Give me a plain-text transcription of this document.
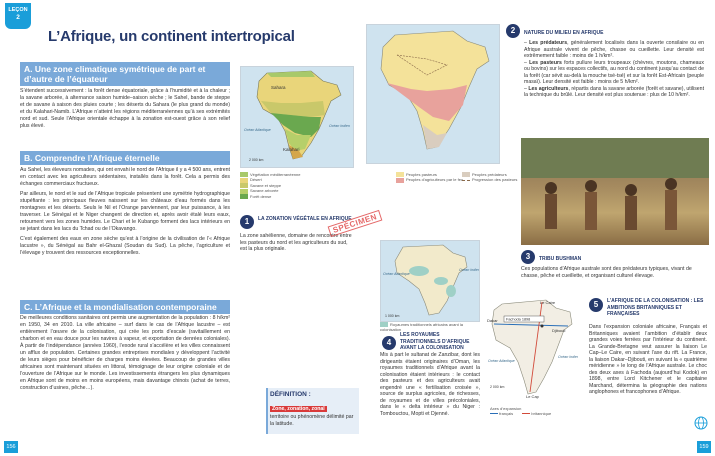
LEÇON
2
L’Afrique, un continent intertropical
A. Une zone climatique symétrique de part et d’autre de l’équateur

S’étendent successivement : la forêt dense équatoriale, grâce à l’humidité et à la chaleur ; la savane arborée, à alternance saison humide–saison sèche ; le Sahel, bande de steppe et de savane à saison des pluies courte ; les déserts du Sahara (le plus grand du monde) et du Kalahari-Namib. L’Afrique n’atteint les régions méditerranéennes qu’à ses extrémités nord et sud. Seule l’Afrique orientale échappe à la zonation est-ouest grâce à son relief plus élevé.

B. Comprendre l’Afrique éternelle

Au Sahel, les éleveurs nomades, qui ont envahi le nord de l’Afrique il y a 4 500 ans, entrent en contact avec les agriculteurs sédentaires, installés dans la forêt. Cela a permis des échanges commerciaux fructueux.

Par ailleurs, le nord et le sud de l’Afrique tropicale présentent une symétrie hydrographique stupéfiante : les principaux fleuves naissent sur les châteaux d’eau formés dans les montagnes et les déserts. Seuls le Nil et l’Orange parviennent, par leur puissance, à les traverser. Le Sénégal et le Niger changent de direction et, après avoir étalé leurs eaux, retournent vers les zones humides. Le Chari et le Kubango forment des lacs intérieurs en se jetant dans les lacs du Tchad ou de l’Okavango.

C’est également des eaux en zone sèche qu’est à l’origine de la civilisation de l’« Afrique lacustre », du Sénégal au Bahr el-Ghazal (Soudan du Sud). La pêche, l’agriculture et l’élevage y trouvent des ressources exceptionnelles.

C. L’Afrique et la mondialisation contemporaine

De meilleures conditions sanitaires ont permis une augmentation de la population : 8 h/km² en 1950, 34 en 2010. La ville africaine – surf dans le cas de l’Afrique lacustre – est entièrement l’œuvre de la colonisation, qui crée les ports d’escale (ravitaillement en charbon et en eau douce pour les navires à vapeur, et exportation de denrées coloniales). À partir de l’indépendance (années 1960), l’exode rural s’accélère et les villes connaissent un afflux de population. Certaines grandes entreprises mondiales y développent l’activité de leurs sièges pour bénéficier de charges moins élevées. Beaucoup de grandes villes africaines sont maintenant situées en littoral, témoignage de leur origine coloniale et de l’ouverture de l’Afrique sur le monde. Les investissements étrangers les plus dynamiques en Afrique sont de moins en moins européens, mais davantage chinois (achat de terres, construction d’usines, pêche…).

DÉFINITION :
Zone, zonation, zonal
territoire ou phénomène délimité par la latitude.
Sahara
Kalahari
Océan Atlantique
Océan Indien
2 000 km
Végétation méditerranéenne
Désert
Savane et steppe
Savane arborée
Forêt dense
1	LA ZONATION VÉGÉTALE EN AFRIQUE
La zone sahélienne, domaine de rencontre entre les pasteurs du nord et les agriculteurs du sud, est la plus originale.
SPÉCIMEN
Océan Atlantique
Océan Indien
1 000 km
Royaumes traditionnels africains avant la colonisation
4
LES ROYAUMES TRADITIONNELS D’AFRIQUE AVANT LA COLONISATION
Mis à part le sultanat de Zanzibar, dont les dirigeants étaient originaires d’Oman, les royaumes traditionnels d’Afrique avant la colonisation étaient intérieurs : le contact des pasteurs et des agriculteurs avait engendré une « fertilisation croisée », source de surplus agricoles, de richesses, de royaumes et de villes précoloniales, dans le « delta intérieur » du Niger : Tombouctou, Mopti et Djenné.
Peuples pasteurs
Peuples d’agriculteurs par le feu
Peuples prédateurs
Progression des pasteurs
2	NATURE DU MILIEU EN AFRIQUE
– Les prédateurs, généralement localisés dans la ouverte consilaire ou en Afrique australe vivent de pêche, chasse ou cueillette. Leur densité est extrêmement faible : moins de 1 h/km².
– Les pasteurs forts pullure leurs troupeaux (chèvres, moutons, chameaux ou bovins) sur les espaces collectifs, au nord du continent jusqu’au contact de la forêt (car sévit au-delà la mouche tsé-tsé) et sur la forêt Est-Africain (peuple masaï). Leur densité est faible : moins de 5 h/km².
– Les agriculteurs, répartis dans la savane arborée (forêt et savane), utilisent la technique du brûlé. Leur densité est plus soutenue : plus de 10 h/km².
3	TRIBU BUSHMAN
Ces populations d’Afrique australe sont des prédateurs typiques, vivant de chasse, pêche et cueillette, et organisant culturel élevage.
Dakar
Le Caire
Djibouti
Fachoda 1898
Le Cap
Océan Indien
Océan Atlantique
2 000 km
Axes d’expansion
français	britannique
5	L’AFRIQUE DE LA COLONISATION : LES AMBITIONS BRITANNIQUES ET FRANÇAISES
Dans l’expansion coloniale africaine, Français et Britanniques avaient l’ambition d’établir deux grandes voies ferrées par l’intérieur du continent. La Grande-Bretagne veut assurer la liaison Le Cap–Le Caire, en suivant l’axe du rift. La France, la liaison Dakar–Djibouti, en suivant la « quatrième méridienne » le long de l’Afrique australe. Le choc des deux axes à Fachoda (aujourd’hui Kodok) en 1898, entre Lord Kitchener et le capitaine Marchand, détermina la géographie des nations anglophones et francophones d’Afrique.
156	159
